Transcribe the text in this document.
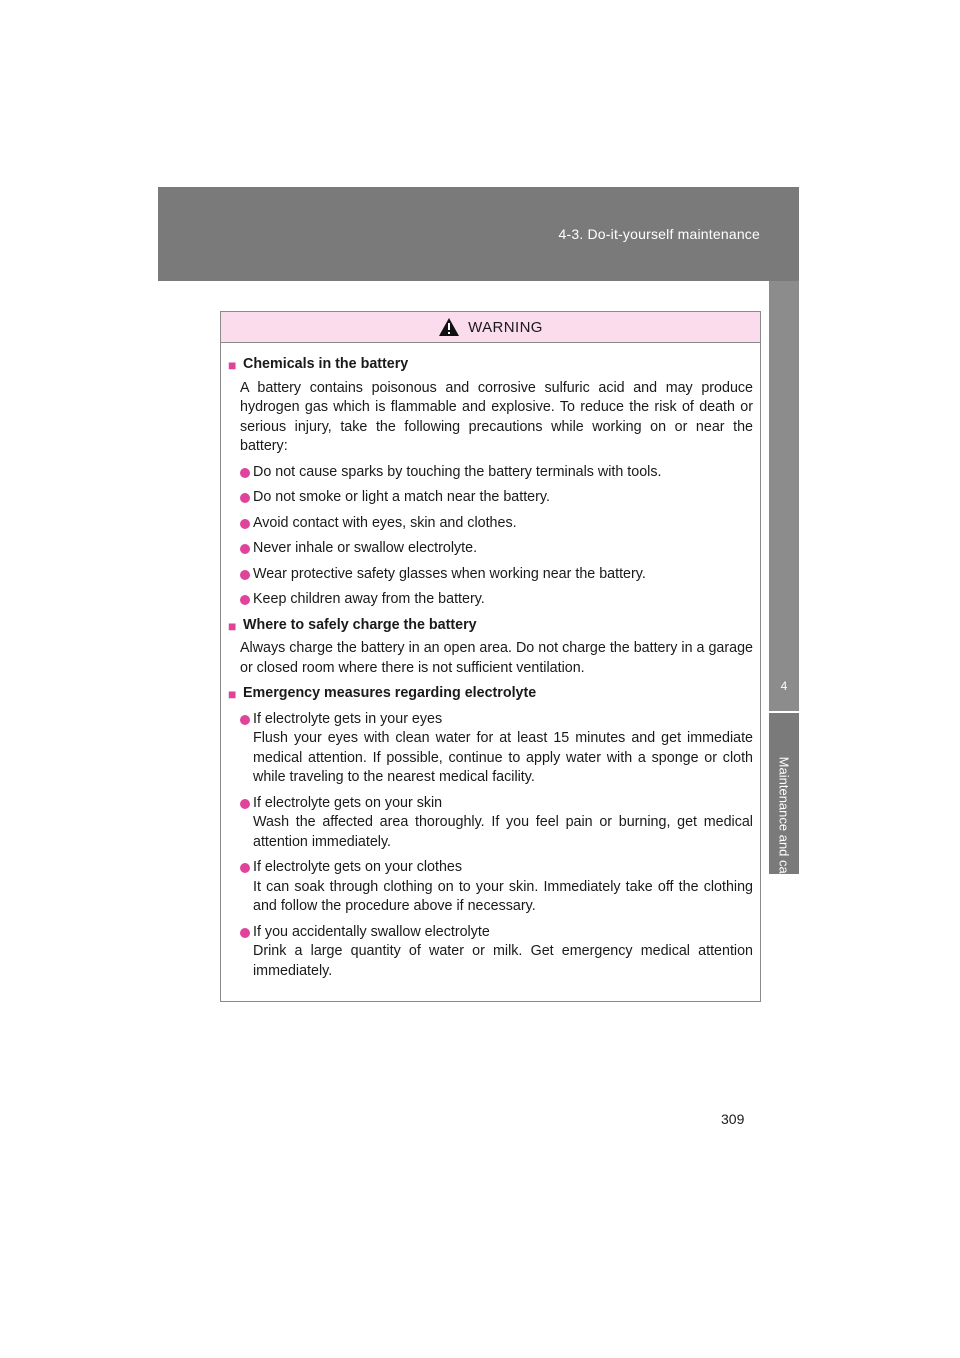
4-3. Do-it-yourself maintenance
4
Maintenance and care
WARNING
■ Chemicals in the battery
A battery contains poisonous and corrosive sulfuric acid and may produce hydrogen gas which is flammable and explosive. To reduce the risk of death or serious injury, take the following precautions while working on or near the battery:
Do not cause sparks by touching the battery terminals with tools.
Do not smoke or light a match near the battery.
Avoid contact with eyes, skin and clothes.
Never inhale or swallow electrolyte.
Wear protective safety glasses when working near the battery.
Keep children away from the battery.
■ Where to safely charge the battery
Always charge the battery in an open area. Do not charge the battery in a garage or closed room where there is not sufficient ventilation.
■ Emergency measures regarding electrolyte
If electrolyte gets in your eyes
Flush your eyes with clean water for at least 15 minutes and get immediate medical attention. If possible, continue to apply water with a sponge or cloth while traveling to the nearest medical facility.
If electrolyte gets on your skin
Wash the affected area thoroughly. If you feel pain or burning, get medical attention immediately.
If electrolyte gets on your clothes
It can soak through clothing on to your skin. Immediately take off the clothing and follow the procedure above if necessary.
If you accidentally swallow electrolyte
Drink a large quantity of water or milk. Get emergency medical attention immediately.
309
